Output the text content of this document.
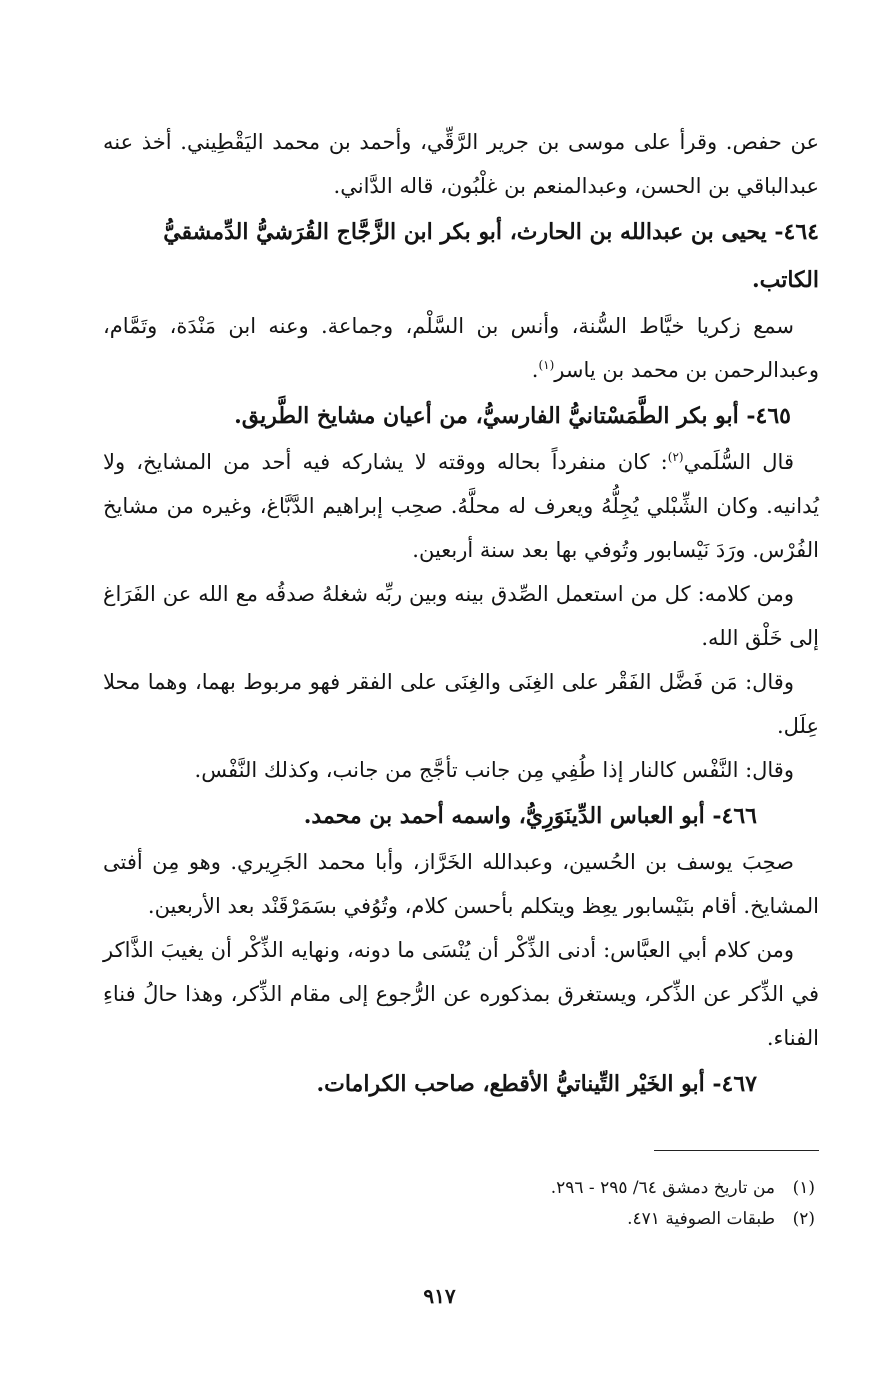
عن حفص. وقرأ على موسى بن جرير الرَّقِّي، وأحمد بن محمد اليَقْطِيني. أخذ عنه عبدالباقي بن الحسن، وعبدالمنعم بن غلْبُون، قاله الدَّاني.

٤٦٤- يحيى بن عبدالله بن الحارث، أبو بكر ابن الزَّجَّاج القُرَشيُّ الدِّمشقيُّ الكاتب.

سمع زكريا خيَّاط السُّنة، وأنس بن السَّلْم، وجماعة. وعنه ابن مَنْدَة، وتَمَّام، وعبدالرحمن بن محمد بن ياسر$^{(١)}$.

٤٦٥- أبو بكر الطَّمَسْتانيُّ الفارسيُّ، من أعيان مشايخ الطَّريق.

قال السُّلَمي$^{(٢)}$: كان منفرداً بحاله ووقته لا يشاركه فيه أحد من المشايخ، ولا يُدانيه. وكان الشِّبْلي يُجِلُّهُ ويعرف له محلَّهُ. صحِب إبراهيم الدَّبَّاغ، وغيره من مشايخ الفُرْس. ورَدَ نَيْسابور وتُوفي بها بعد سنة أربعين.

ومن كلامه: كل من استعمل الصِّدق بينه وبين ربِّه شغلهُ صدقُه مع الله عن الفَرَاغ إلى خَلْق الله.

وقال: مَن فَضَّل الفَقْر على الغِنَى والغِنَى على الفقر فهو مربوط بهما، وهما محلا عِلَل.

وقال: النَّفْس كالنار إذا طُفِي مِن جانب تأجَّج من جانب، وكذلك النَّفْس.

٤٦٦- أبو العباس الدِّينَوَرِيُّ، واسمه أحمد بن محمد.

صحِبَ يوسف بن الحُسين، وعبدالله الخَرَّاز، وأبا محمد الجَرِيري. وهو مِن أفتى المشايخ. أقام بنَيْسابور يعِظ ويتكلم بأحسن كلام، وتُوُفي بسَمَرْقَنْد بعد الأربعين.

ومن كلام أبي العبَّاس: أدنى الذِّكْر أن يُنْسَى ما دونه، ونهايه الذِّكْر أن يغيبَ الذَّاكر في الذِّكر عن الذِّكر، ويستغرق بمذكوره عن الرُّجوع إلى مقام الذِّكر، وهذا حالُ فناءِ الفناء.

٤٦٧- أبو الخَيْر التِّيناتيُّ الأقطع، صاحب الكرامات.

(١)من تاريخ دمشق ٦٤/ ٢٩٥ - ٢٩٦.

(٢)طبقات الصوفية ٤٧١.

٩١٧
